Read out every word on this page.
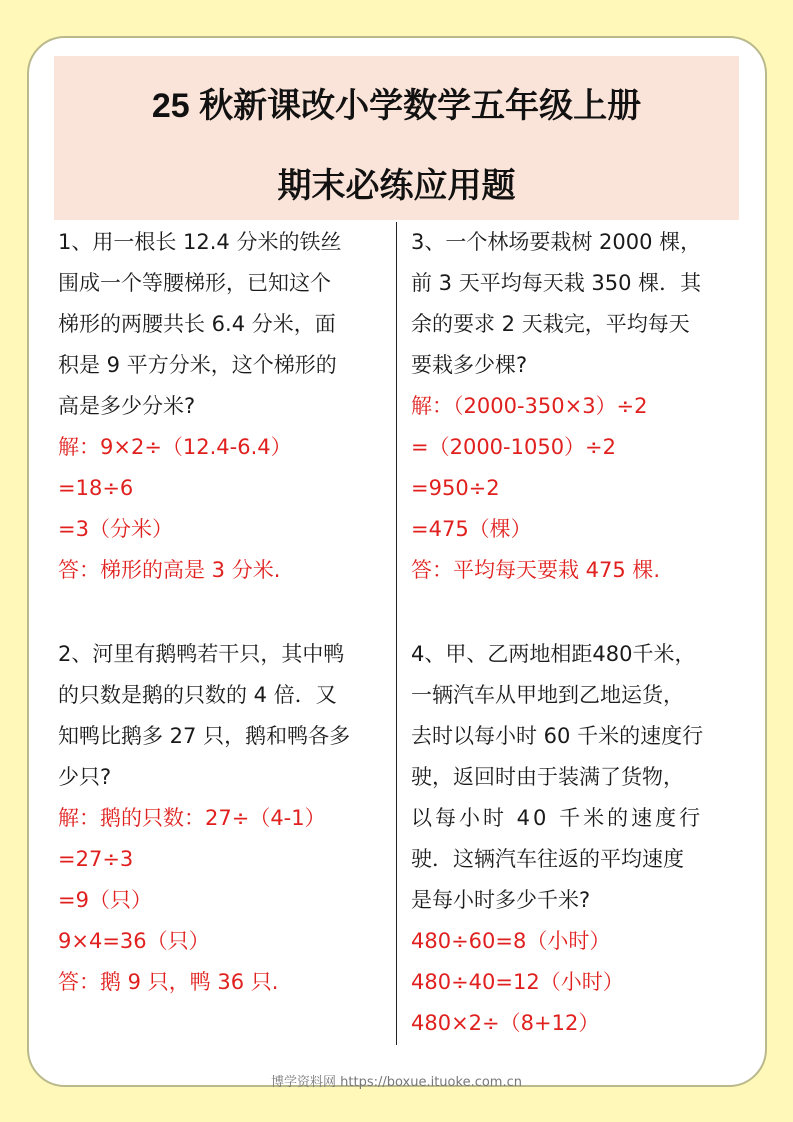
25 秋新课改小学数学五年级上册
期末必练应用题
1、用一根长 12.4 分米的铁丝
围成一个等腰梯形，已知这个
梯形的两腰共长 6.4 分米，面
积是 9 平方分米，这个梯形的
高是多少分米?
解：9×2÷（12.4-6.4）
=18÷6
=3（分米）
答：梯形的高是 3 分米.
2、河里有鹅鸭若干只，其中鸭
的只数是鹅的只数的 4 倍．又
知鸭比鹅多 27 只，鹅和鸭各多
少只?
解：鹅的只数：27÷（4-1）
=27÷3
=9（只）
9×4=36（只）
答：鹅 9 只，鸭 36 只.
3、一个林场要栽树 2000 棵，
前 3 天平均每天栽 350 棵．其
余的要求 2 天栽完，平均每天
要栽多少棵?
解：（2000-350×3）÷2
=（2000-1050）÷2
=950÷2
=475（棵）
答：平均每天要栽 475 棵.
4、甲、乙两地相距480千米，
一辆汽车从甲地到乙地运货，
去时以每小时 60 千米的速度行
驶，返回时由于装满了货物，
以每小时 40 千米的速度行
驶．这辆汽车往返的平均速度
是每小时多少千米?
480÷60=8（小时）
480÷40=12（小时）
480×2÷（8+12）
博学资料网 https://boxue.ituoke.com.cn
